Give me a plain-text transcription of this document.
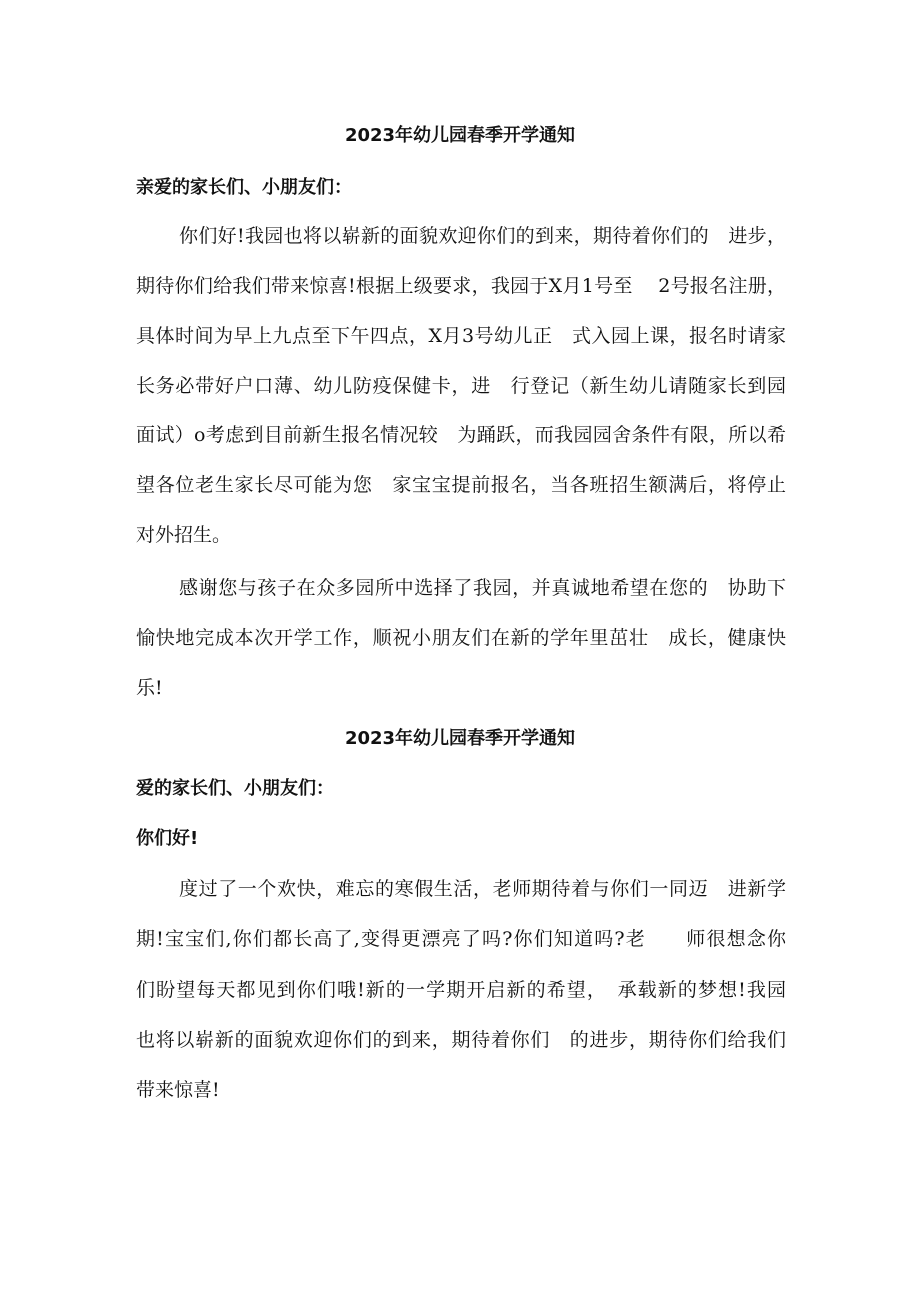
2023年幼儿园春季开学通知
亲爱的家长们、小朋友们：
你们好!我园也将以崭新的面貌欢迎你们的到来，期待着你们的　进步，
期待你们给我们带来惊喜!根据上级要求，我园于X月1号至　 2号报名注册，
具体时间为早上九点至下午四点，X月3号幼儿正　式入园上课，报名时请家
长务必带好户口薄、幼儿防疫保健卡，进　行登记（新生幼儿请随家长到园
面试）o考虑到目前新生报名情况较　为踊跃，而我园园舍条件有限，所以希
望各位老生家长尽可能为您　家宝宝提前报名，当各班招生额满后，将停止
对外招生。
感谢您与孩子在众多园所中选择了我园，并真诚地希望在您的　协助下
愉快地完成本次开学工作，顺祝小朋友们在新的学年里茁壮　成长，健康快
乐!
2023年幼儿园春季开学通知
爱的家长们、小朋友们：
你们好!
度过了一个欢快，难忘的寒假生活，老师期待着与你们一同迈　进新学
期!宝宝们,你们都长高了,变得更漂亮了吗?你们知道吗?老　　师很想念你
们盼望每天都见到你们哦!新的一学期开启新的希望，　承载新的梦想!我园
也将以崭新的面貌欢迎你们的到来，期待着你们　的进步，期待你们给我们
带来惊喜!
